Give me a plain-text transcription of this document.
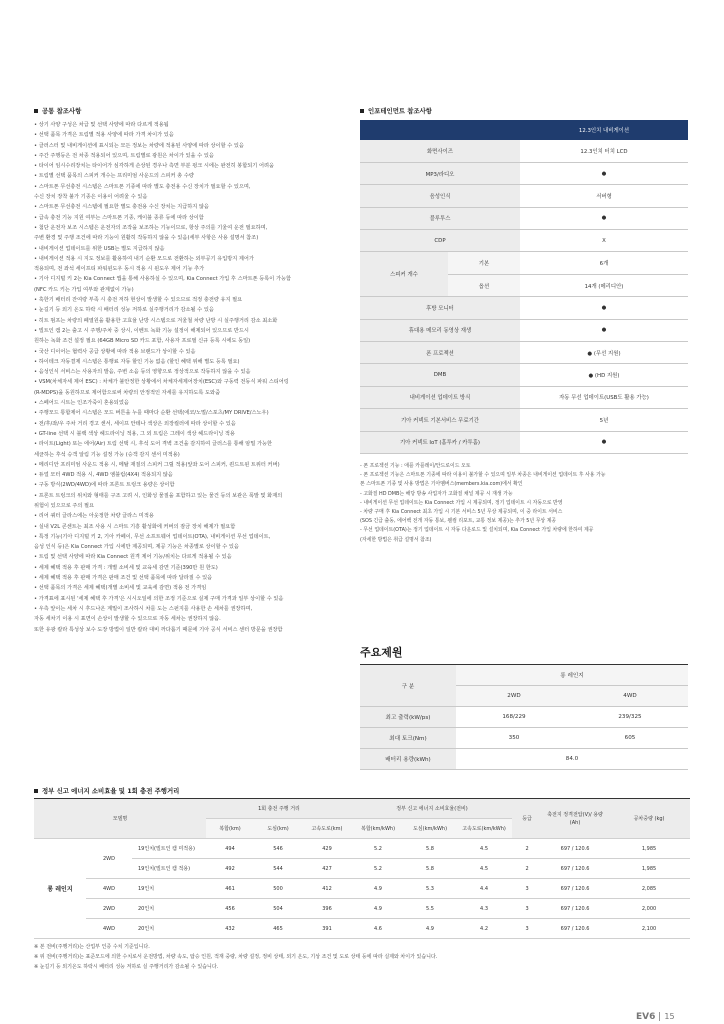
공통 참조사항
• 상기 사양 구성은 차급 및 선택 사양에 따라 다르게 적용됨
• 선택 품목 가격은 트림별 적용 사양에 따라 가격 차이가 있음
• 클러스터 및 내비게이션에 표시되는 모든 정보는 차량에 적용된 사양에 따라 상이할 수 있음
• 주간 주행등은 전 차종 적용되어 있으며, 트림별로 광원은 차이가 있을 수 있음
• 타이어 임시수리장치는 타이어가 심각하게 손상된 경우나 측면 부분 펑크 시에는 완전히 봉합되기 어려움
• 트림별 선택 품목의 스피커 개수는 프리미엄 사운드의 스피커 총 수량
• 스마트폰 무선충전 시스템은 스마트폰 기종에 따라 별도 충전용 수신 장치가 필요할 수 있으며,
수신 장치 장착 불가 기종은 이용이 어려울 수 있음
• 스마트폰 무선충전 시스템에 필요한 별도 충전용 수신 장치는 지급하지 않음
• 급속 충전 기능 지원 여부는 스마트폰 기종, 케이블 종류 등에 따라 상이함
• 첨단 운전자 보조 시스템은 운전자의 조작을 보조하는 기능이므로, 항상 주의를 기울여 운전 필요하며,
주변 환경 및 주행 조건에 따라 기능이 원활히 작동하지 않을 수 있음(세부 사항은 사용 설명서 참조)
• 내비게이션 업데이트를 위한 USB는 별도 지급하지 않음
• 내비게이션 적용 시 지도 정보를 활용하여 내기 순환 모드로 전환하는 외부공기 유입방지 제어가
적용되며, 전 좌석 세이프티 파워윈도우 동시 적용 시 윈도우 제어 기능 추가
• 기아 디지털 키 2는 Kia Connect 앱을 통해 사용하실 수 있으며, Kia Connect 가입 후 스마트폰 등록이 가능함
(NFC 카드 키는 가입 여부와 관계없이 가능)
• 혹한기 배터리 잔여량 부족 시 충전 저하 현상이 발생할 수 있으므로 적정 충전량 유지 필요
• 눈길기 등 외기 온도 하락 시 배터리 성능 저하로 실주행거리가 감소될 수 있음
• 히트 펌프는 차량의 폐열원을 활용한 고효율 난방 시스템으로 겨울철 차량 난방 시 실주행거리 감소 최소화
• 빌트인 캠 2는 출고 시 주행/주차 중 상시, 이벤트 녹화 기능 설정이 해제되어 있으므로 반드시
원하는 녹화 조건 설정 필요 (64GB Micro SD 카드 포함, 사용자 프로필 신규 등록 시에도 동일)
• 국산 디이어는 협력사 공급 상황에 따라 적용 브랜드가 상이할 수 있음
• 하이테크 자동결제 시스템은 통행료 자동 할인 기능 없음 (할인 혜택 위해 별도 등록 필요)
• 음성인식 서비스는 사용자의 발음, 주변 소음 등의 영향으로 정상적으로 작동하지 않을 수 있음
• VSM(차체자세 제어 ESC) : 차체가 불안정한 상황에서 차체자세제어장치(ESC)와 구동력 전동식 파워 스티어링
(R-MDPS)을 동원하므로 제어함으로써 차량의 안정적인 자세를 유지하도록 도와줌
• 스페어드 시트는 인조가죽이 혼용되었음
• 주행모드 통합제어 시스템은 모드 버튼을 누를 때마다 순환 선택(에코/노멀/스포츠/MY DRIVE/스노우)
• 전/후/좌/우 주차 거리 경고 센서, 세이프 안테나 색상은 외장컬러에 따라 상이할 수 있음
• GT-line 선택 시 블랙 색상 헤드라이닝 적용, 그 외 트림은 그레이 색상 헤드라이닝 적용
• 라이트(Light) 또는 에어(Air) 트림 선택 시, 후석 도어 격벽 조건을 감지하여 글러스를 통해 암밀 가능한
세균하는 후석 승객 알림 기능 설정 가능 (승객 감지 센서 미적용)
• 메리디안 프리미엄 사운드 적용 시, 메탈 재질의 스피커 그릴 적용(앞좌 도어 스피커, 퀀드트윈 트위터 커버)
• 듀얼 모터 4WD 적용 시, 4WD 엠블럼(4X4) 적용되지 않음
• 구동 방식(2WD/4WD)에 따라 프론트 트렁크 용량은 상이함
• 프론트 트렁크의 위치와 형태를 구조 고려 시, 인화성 물질을 포함하고 있는 물건 등의 보관은 폭발 및 화재의
위험이 있으므로 주의 필요
• 리어 쿼터 글라스에는 아웃정한 차량 글라스 미적용
• 실내 V2L 콘센트는 최조 사용 시 스마트 기흥 활성화에 커버의 잠금 장치 해제가 필요함
• 특정 기능(기아 디지털 키 2, 기아 카페이, 무선 소프트웨어 업데이트(OTA), 내비게이션 무선 업데이트,
음성 인식 등)은 Kia Connect 가입 시에만 제공되며, 제공 기능은 차종별로 상이할 수 있음
• 트림 및 선택 사양에 따라 Kia Connect 원격 제어 기능/위치는 다르게 적용될 수 있음
• 세제 혜택 적용 후 판매 가격 : 개별 소비세 및 교육세 감면 기준(390만 원 한도)
• 세제 혜택 적용 후 판매 가격은 판매 조건 및 선택 품목에 따라 달라질 수 있음
• 선택 품목의 가격은 세제 혜택(개별 소비세 및 교육세 감면) 적용 전 가격임
• 가격표에 표시된 '세제 혜택 후 가격'은 시시오일에 의한 조정 기준으로 실제 구매 가격과 일부 상이할 수 있음
• 우측 앞이는 세차 시 후드나온 계밀이 조사하시 차를 도는 스펀지를 사용한 손 세차를 권장하며,
자동 세차기 이용 시 표면이 손상이 발생할 수 있으므로 자동 세차는 권장하지 않음.
또한 유광 칼라 특성상 보수 도장 방법이 일반 칼라 대비 까다롭기 때문에 기아 공식 서비스 센터 방문을 권장함
인포테인먼트 참조사항
		12.3인치 내비게이션
화면사이즈		12.3인치 터치 LCD
MP3/라디오		●
음성인식		서버형
블루투스		●
CDP		X
스피커 개수	기본	6개
	옵션	14개 (메리디안)
후방 모니터		●
휴대용 메모리 동영상 재생		●
폰 프로젝션		● (무선 지원)
DMB		● (HD 지원)
내비게이션 업데이트 방식		자동 무선 업데이트(USB도 활용 가능)
기아 커넥트 기본서비스 무료기간		5년
기아 커넥트 IoT (홈투카 / 카투홈)		●
- 폰 프로젝션 기능 : 애플 카플레이/안드로이드 오토
- 폰 프로젝션 기능은 스마트폰 기종에 따라 이용이 불가할 수 있으며 일부 차종은 내비게이션 업데이트 후 사용 가능
폰 스마트폰 기종 및 사용 방법은 기아멤버스(members.kia.com)에서 확인
- 고화질 HD DMB는 해당 방송 사업자가 고화질 채널 제공 시 재생 가능
- 내비게이션 무선 업데이트는 Kia Connect 가입 시 제공되며, 정기 업데이트 시 자동으로 반영
- 차량 구매 후 Kia Connect 최초 가입 시 기본 서비스 5년 무상 제공되며, 이 중 라이트 서비스
(SOS 긴급 출동, 에어백 전개 자동 통보, 웰컴 리포트, 교통 정보 제공)는 추가 5년 무상 제공
- 무선 업데이트(OTA)는 정기 업데이트 시 자동 다운로드 및 설치되며, Kia Connect 가입 차량에 한하여 제공
(자세한 방법은 취급 설명서 참조)
주요제원
구 분	롱 레인지	
	2WD	4WD
최고 출력(kW/ps)	168/229	239/325
최대 토크(Nm)	350	605
배터리 용량(kWh)	84.0	
정부 신고 에너지 소비효율 및 1회 충전 주행거리
모델명			1회 충전 주행 거리			정부 신고 에너지 소비효율(전비)			등급	축전지 정격전압(V)/ 용량(Ah)	공차중량 (kg)
			복합(km)	도심(km)	고속도로(km)	복합(km/kWh)	도심(km/kWh)	고속도로(km/kWh)			
롱 레인지	2WD	19인치(빌트인 캠 미적용)	494	546	429	5.2	5.8	4.5	2	697 / 120.6	1,985
		19인치(빌트인 캠 적용)	492	544	427	5.2	5.8	4.5	2	697 / 120.6	1,985
	4WD	19인치	461	500	412	4.9	5.3	4.4	3	697 / 120.6	2,085
	2WD	20인치	456	504	396	4.9	5.5	4.3	3	697 / 120.6	2,000
	4WD	20인치	432	465	391	4.6	4.9	4.2	3	697 / 120.6	2,100
※ 본 전비(주행거리)는 산업부 인증 수치 기준입니다.
※ 위 전비(주행거리)는 표준모드에 의한 수치로서 운전방법, 차량 속도, 탑승 인원, 적재 중량, 차량 설정, 정비 상태, 외기 온도, 기상 조건 및 도로 상태 등에 따라 실제와 차이가 있습니다.
※ 눈길기 등 외기온도 하락시 배터리 성능 저하로 실 주행거리가 감소될 수 있습니다.
EV6 15
